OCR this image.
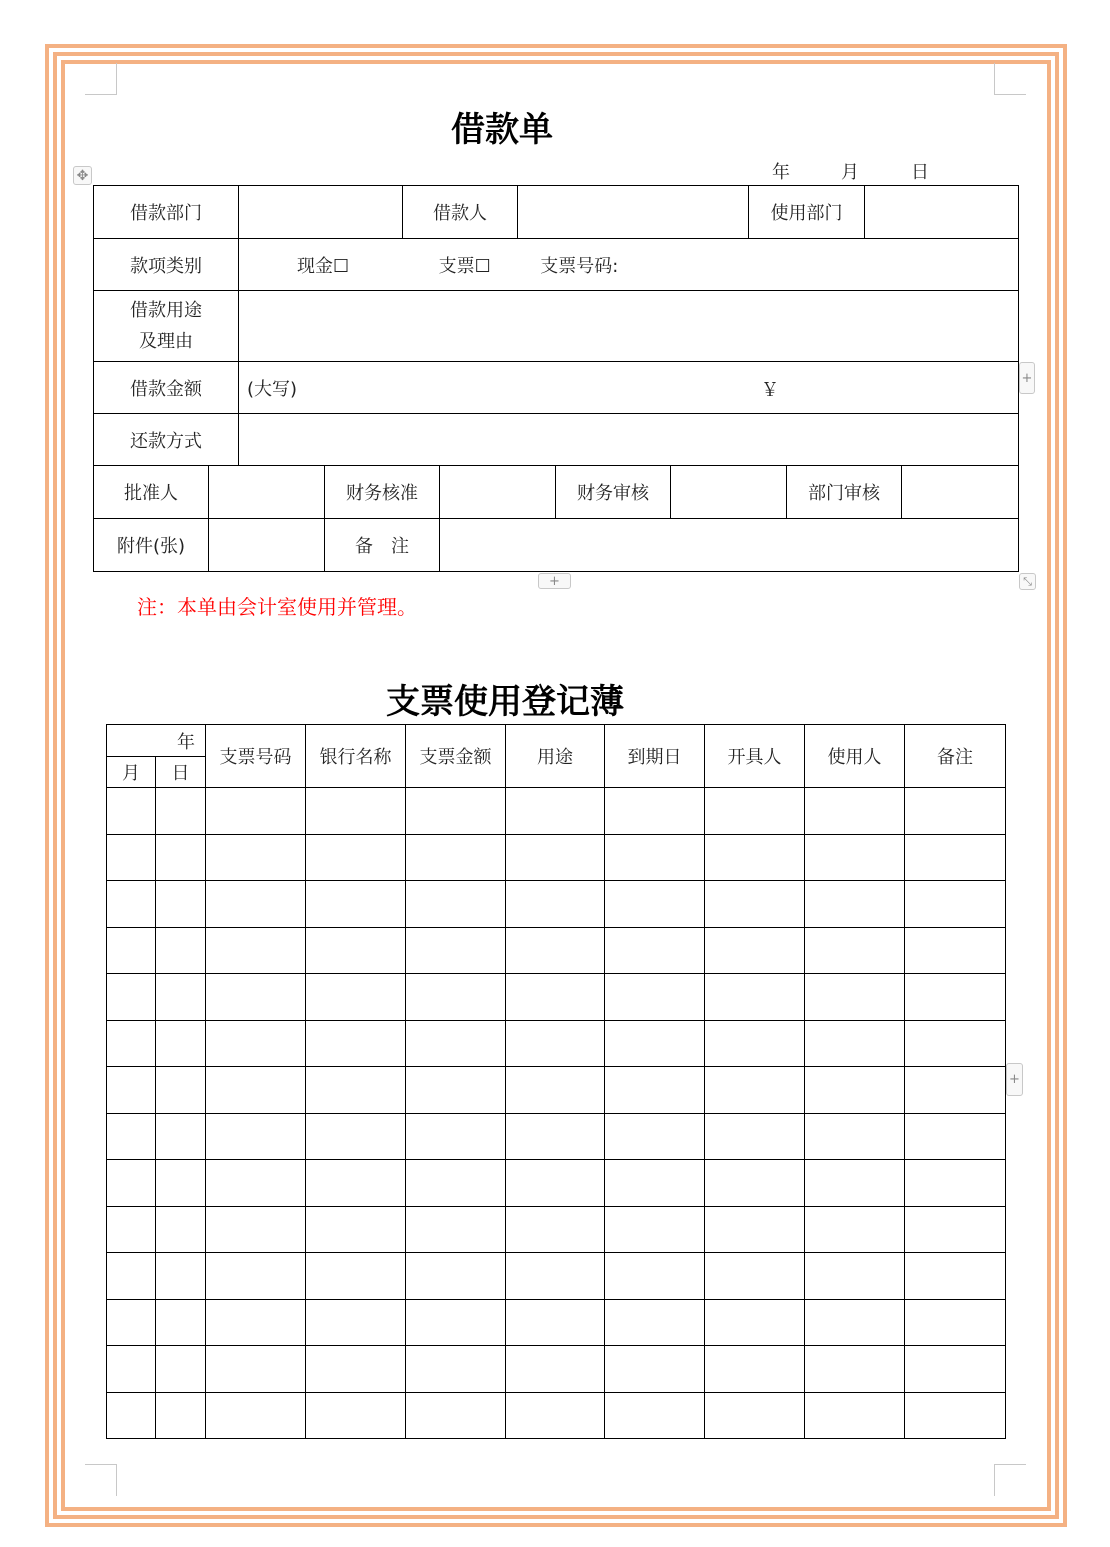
借款单
年	月	日
✥
借款部门		借款人		使用部门	
款项类别	现金☐ 支票☐ 支票号码:				

借款用途
及理由					

借款金额	(大写) ￥				

还款方式					
批准人		财务核准		财务审核		部门审核	
附件(张)		备　注					
+
+	⤡
注：本单由会计室使用并管理。
支票使用登记薄
年		支票号码	银行名称	支票金额	用途	到期日	开具人	使用人	备注
月	日								

+
